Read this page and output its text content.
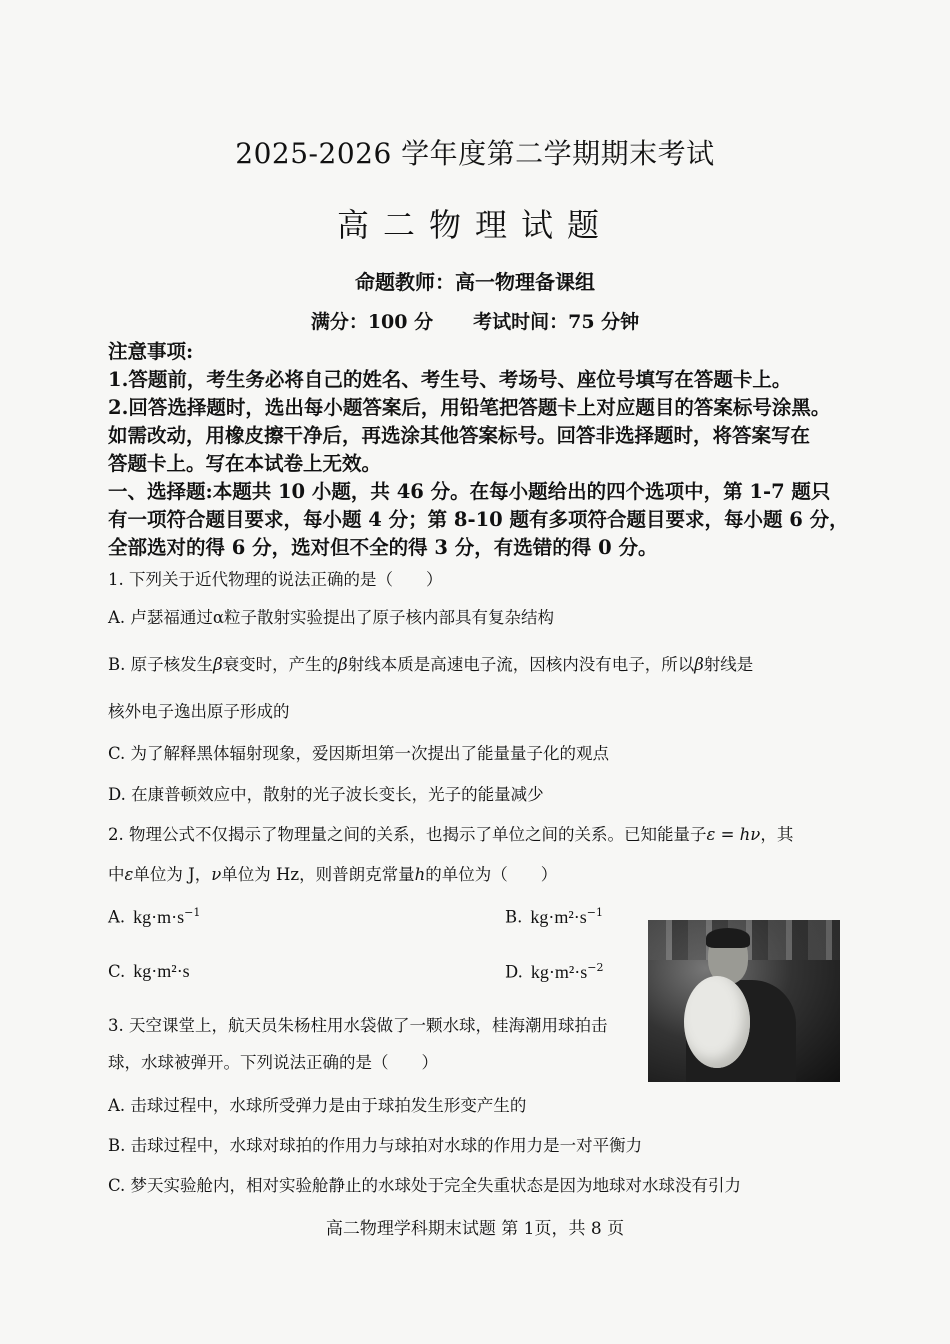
2025-2026 学年度第二学期期末考试
高二物理试题
命题教师：高一物理备课组
满分：100 分 考试时间：75 分钟
注意事项:
1.答题前，考生务必将自己的姓名、考生号、考场号、座位号填写在答题卡上。
2.回答选择题时，选出每小题答案后，用铅笔把答题卡上对应题目的答案标号涂黑。
如需改动，用橡皮擦干净后，再选涂其他答案标号。回答非选择题时，将答案写在
答题卡上。写在本试卷上无效。
一、选择题:本题共 10 小题，共 46 分。在每小题给出的四个选项中，第 1-7 题只
有一项符合题目要求，每小题 4 分；第 8-10 题有多项符合题目要求，每小题 6 分，
全部选对的得 6 分，选对但不全的得 3 分，有选错的得 0 分。
1. 下列关于近代物理的说法正确的是（　　）
A. 卢瑟福通过α粒子散射实验提出了原子核内部具有复杂结构
B. 原子核发生β衰变时，产生的β射线本质是高速电子流，因核内没有电子，所以β射线是
核外电子逸出原子形成的
C. 为了解释黑体辐射现象，爱因斯坦第一次提出了能量量子化的观点
D. 在康普顿效应中，散射的光子波长变长，光子的能量减少
2. 物理公式不仅揭示了物理量之间的关系，也揭示了单位之间的关系。已知能量子ε = hν，其
中ε单位为 J，ν单位为 Hz，则普朗克常量h的单位为（　　）
A. $kg\cdot m\cdot s^{-1}$	B. $kg\cdot m^2\cdot s^{-1}$
C. kg·m²·s	D. $kg\cdot m^2\cdot s^{-2}$
3. 天空课堂上，航天员朱杨柱用水袋做了一颗水球，桂海潮用球拍击
球，水球被弹开。下列说法正确的是（　　）
A. 击球过程中，水球所受弹力是由于球拍发生形变产生的
B. 击球过程中，水球对球拍的作用力与球拍对水球的作用力是一对平衡力
C. 梦天实验舱内，相对实验舱静止的水球处于完全失重状态是因为地球对水球没有引力
高二物理学科期末试题 第 1页，共 8 页
